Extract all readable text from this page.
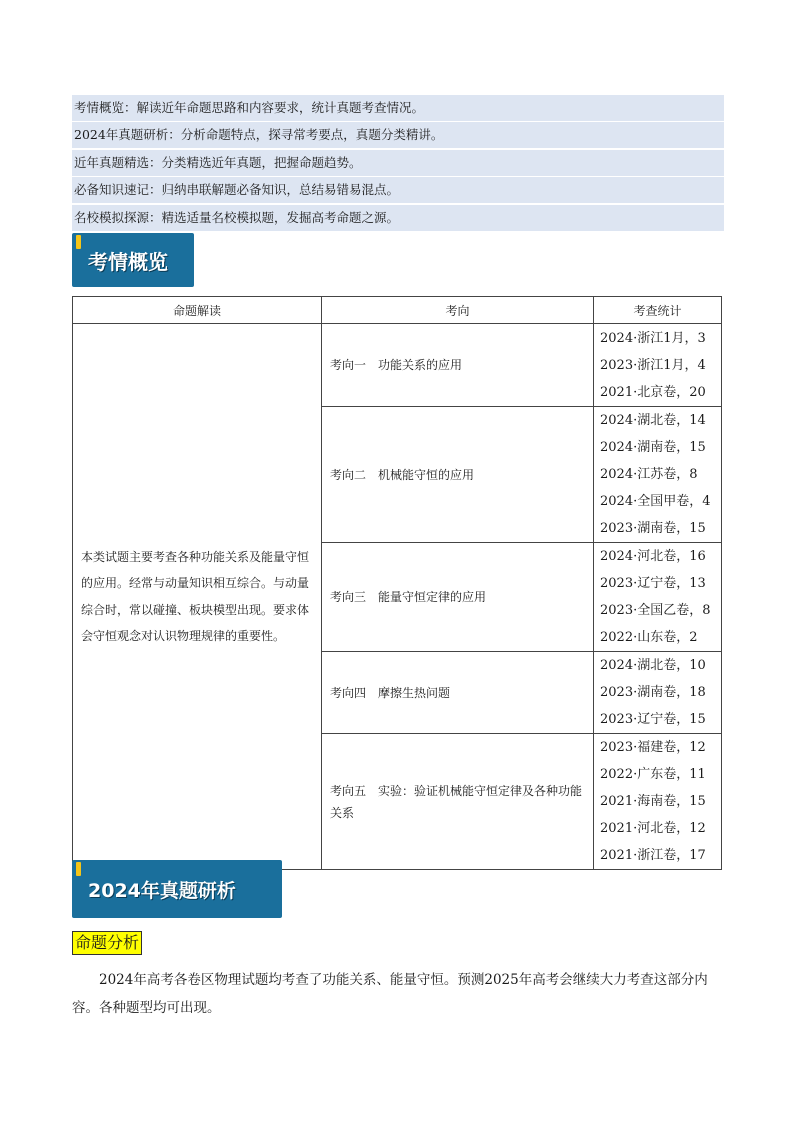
考情概览：解读近年命题思路和内容要求，统计真题考查情况。
2024年真题研析：分析命题特点，探寻常考要点，真题分类精讲。
近年真题精选：分类精选近年真题，把握命题趋势。
必备知识速记：归纳串联解题必备知识，总结易错易混点。
名校模拟探源：精选适量名校模拟题，发掘高考命题之源。
考情概览
命题解读	考向	考查统计
本类试题主要考查各种功能关系及能量守恒的应用。经常与动量知识相互综合。与动量综合时，常以碰撞、板块模型出现。要求体会守恒观念对认识物理规律的重要性。	考向一　功能关系的应用	2024·浙江1月，3
2023·浙江1月，4
2021·北京卷，20

	考向二　机械能守恒的应用	2024·湖北卷，14
2024·湖南卷，15
2024·江苏卷，8
2024·全国甲卷，4
2023·湖南卷，15

	考向三　能量守恒定律的应用	2024·河北卷，16
2023·辽宁卷，13
2023·全国乙卷，8
2022·山东卷，2

	考向四　摩擦生热问题	2024·湖北卷，10
2023·湖南卷，18
2023·辽宁卷，15

	考向五　实验：验证机械能守恒定律及各种功能关系	2023·福建卷，12
2022·广东卷，11
2021·海南卷，15
2021·河北卷，12
2021·浙江卷，17
2024年真题研析
命题分析
2024年高考各卷区物理试题均考查了功能关系、能量守恒。预测2025年高考会继续大力考查这部分内容。各种题型均可出现。
